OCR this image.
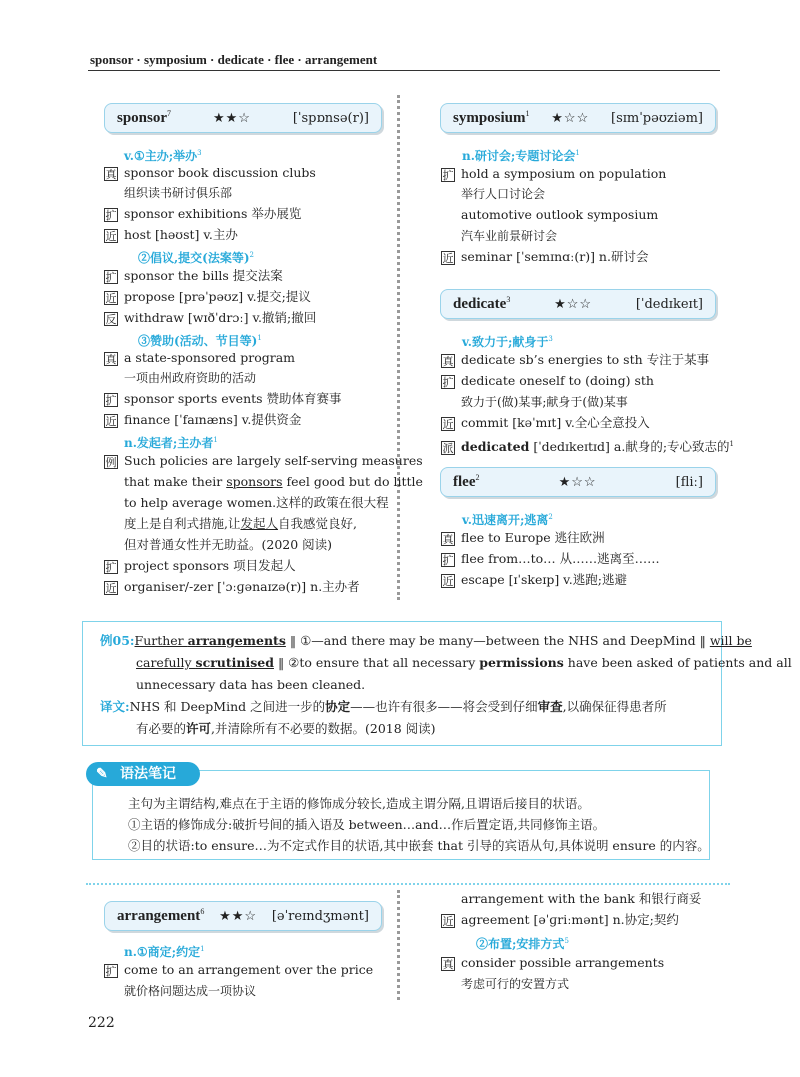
sponsor · symposium · dedicate · flee · arrangement
sponsor$^7$	★★☆	[ˈspɒnsə(r)]
v.①主办;举办$^3$
真 sponsor book discussion clubs
组织读书研讨俱乐部
扩 sponsor exhibitions 举办展览
近 host [həʊst] v.主办
②倡议,提交(法案等)$^2$
扩 sponsor the bills 提交法案
近 propose [prəˈpəʊz] v.提交;提议
反 withdraw [wɪðˈdrɔː] v.撤销;撤回
③赞助(活动、节目等)$^1$
真 a state-sponsored program
一项由州政府资助的活动
扩 sponsor sports events 赞助体育赛事
近 finance [ˈfaɪnæns] v.提供资金
n.发起者;主办者$^1$
例 Such policies are largely self-serving measures
that make their sponsors feel good but do little
to help average women.这样的政策在很大程
度上是自利式措施,让发起人自我感觉良好,
但对普通女性并无助益。(2020 阅读)
扩 project sponsors 项目发起人
近 organiser/-zer [ˈɔːɡənaɪzə(r)] n.主办者
symposium$^1$ ★☆☆ [sɪmˈpəʊziəm]
n.研讨会;专题讨论会$^1$
扩 hold a symposium on population
举行人口讨论会
automotive outlook symposium
汽车业前景研讨会
近 seminar [ˈsemɪnɑː(r)] n.研讨会
dedicate$^3$	★☆☆	[ˈdedɪkeɪt]
v.致力于;献身于$^3$
真 dedicate sb’s energies to sth 专注于某事
扩 dedicate oneself to (doing) sth
致力于(做)某事;献身于(做)某事
近 commit [kəˈmɪt] v.全心全意投入
派 dedicated [ˈdedɪkeɪtɪd] a.献身的;专心致志的$^1$
flee$^2$	★☆☆	[fliː]
v.迅速离开;逃离$^2$
真 flee to Europe 逃往欧洲
扩 flee from…to… 从……逃离至……
近 escape [ɪˈskeɪp] v.逃跑;逃避
例05:Further arrangements ‖ ①—and there may be many—between the NHS and DeepMind ‖ will be
carefully scrutinised ‖ ②to ensure that all necessary permissions have been asked of patients and all
unnecessary data has been cleaned.
译文:NHS 和 DeepMind 之间进一步的协定——也许有很多——将会受到仔细审查,以确保征得患者所
有必要的许可,并清除所有不必要的数据。(2018 阅读)
✎ 语法笔记
主句为主谓结构,难点在于主语的修饰成分较长,造成主谓分隔,且谓语后接目的状语。
①主语的修饰成分:破折号间的插入语及 between…and…作后置定语,共同修饰主语。
②目的状语:to ensure…为不定式作目的状语,其中嵌套 that 引导的宾语从句,具体说明 ensure 的内容。
arrangement$^6$ ★★☆ [əˈreɪndʒmənt]
n.①商定;约定$^1$
扩 come to an arrangement over the price
就价格问题达成一项协议
arrangement with the bank 和银行商妥
近 agreement [əˈɡriːmənt] n.协定;契约
②布置;安排方式$^5$
真 consider possible arrangements
考虑可行的安置方式
222
